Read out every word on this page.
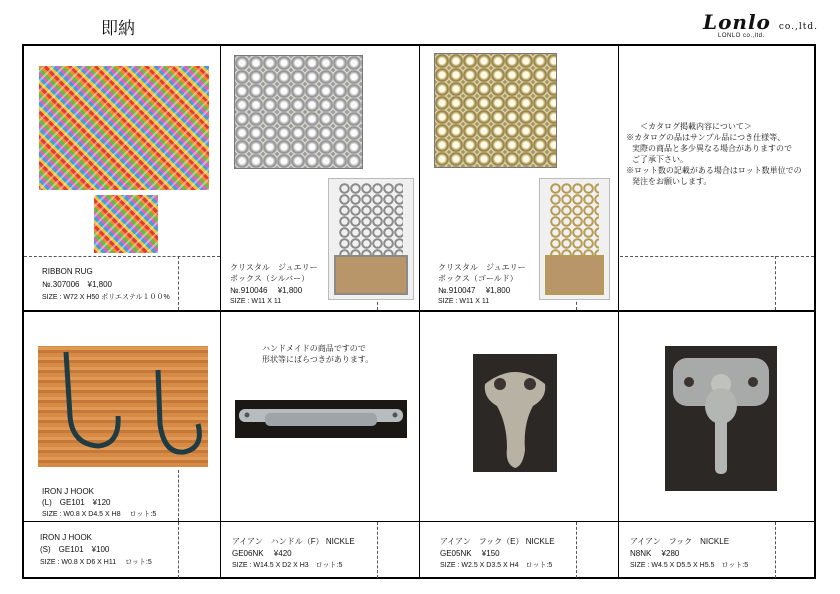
即納	Lonlo co.,ltd.
LONLO co.,ltd.
RIBBON RUG
№.307006　¥1,800
SIZE : W72 X H50 ポリエステル１００%
クリスタル　ジュエリー
ボックス（シルバー）
№.910046　 ¥1,800
SIZE : W11 X 11
クリスタル　ジュエリー
ボックス（ゴールド）
№.910047　 ¥1,800
SIZE : W11 X 11
＜カタログ掲載内容について＞
※カタログの品はサンプル品につき仕様等、
実際の商品と多少異なる場合がありますので
ご了承下さい。
※ロット数の記載がある場合はロット数単位での
発注をお願いします。
IRON J HOOK
(L)　GE101　¥120
SIZE : W0.8 X D4.5 X H8　 ロット:5
IRON J HOOK
(S)　GE101　¥100
SIZE : W0.8 X D6 X H11　 ロット:5
ハンドメイドの商品ですので
形状等にばらつきがあります。
アイアン　ハンドル（F） NICKLE
GE06NK　 ¥420
SIZE : W14.5 X D2 X H3　ロット:5
アイアン　フック（E） NICKLE
GE05NK　 ¥150
SIZE : W2.5 X D3.5 X H4　ロット:5
アイアン　フック　NICKLE
N8NK　 ¥280
SIZE : W4.5 X D5.5 X H5.5　ロット:5
